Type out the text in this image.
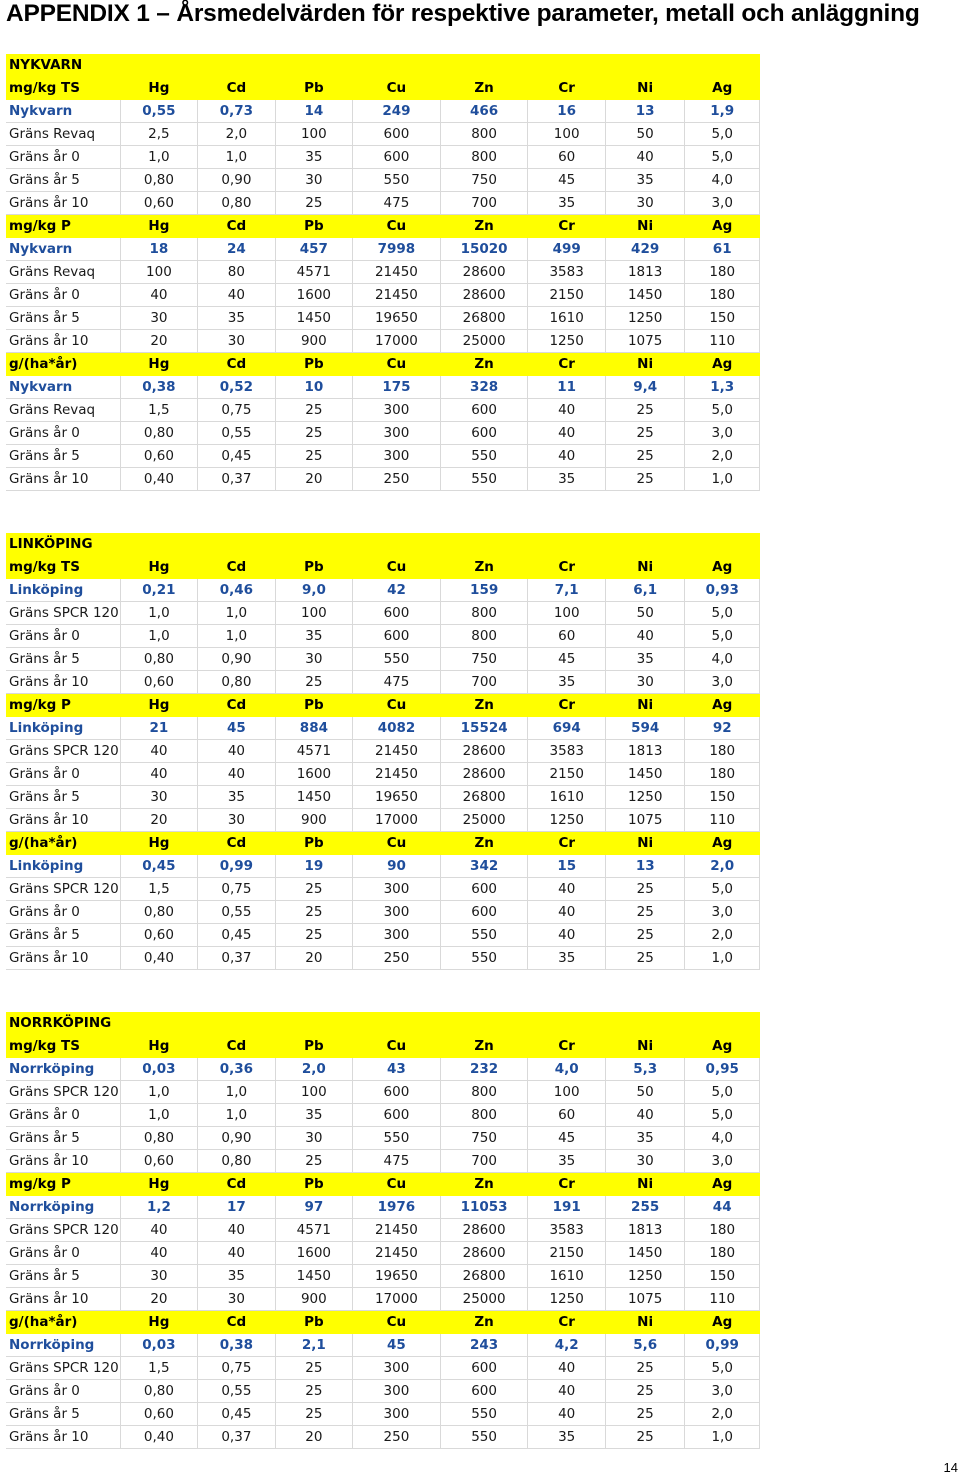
APPENDIX 1 – Årsmedelvärden för respektive parameter, metall och anläggning
NYKVARN								
mg/kg TS	Hg	Cd	Pb	Cu	Zn	Cr	Ni	Ag
Nykvarn	0,55	0,73	14	249	466	16	13	1,9
Gräns Revaq	2,5	2,0	100	600	800	100	50	5,0
Gräns år 0	1,0	1,0	35	600	800	60	40	5,0
Gräns år 5	0,80	0,90	30	550	750	45	35	4,0
Gräns år 10	0,60	0,80	25	475	700	35	30	3,0
mg/kg P	Hg	Cd	Pb	Cu	Zn	Cr	Ni	Ag
Nykvarn	18	24	457	7998	15020	499	429	61
Gräns Revaq	100	80	4571	21450	28600	3583	1813	180
Gräns år 0	40	40	1600	21450	28600	2150	1450	180
Gräns år 5	30	35	1450	19650	26800	1610	1250	150
Gräns år 10	20	30	900	17000	25000	1250	1075	110
g/(ha*år)	Hg	Cd	Pb	Cu	Zn	Cr	Ni	Ag
Nykvarn	0,38	0,52	10	175	328	11	9,4	1,3
Gräns Revaq	1,5	0,75	25	300	600	40	25	5,0
Gräns år 0	0,80	0,55	25	300	600	40	25	3,0
Gräns år 5	0,60	0,45	25	300	550	40	25	2,0
Gräns år 10	0,40	0,37	20	250	550	35	25	1,0
LINKÖPING								
mg/kg TS	Hg	Cd	Pb	Cu	Zn	Cr	Ni	Ag
Linköping	0,21	0,46	9,0	42	159	7,1	6,1	0,93
Gräns SPCR 120	1,0	1,0	100	600	800	100	50	5,0
Gräns år 0	1,0	1,0	35	600	800	60	40	5,0
Gräns år 5	0,80	0,90	30	550	750	45	35	4,0
Gräns år 10	0,60	0,80	25	475	700	35	30	3,0
mg/kg P	Hg	Cd	Pb	Cu	Zn	Cr	Ni	Ag
Linköping	21	45	884	4082	15524	694	594	92
Gräns SPCR 120	40	40	4571	21450	28600	3583	1813	180
Gräns år 0	40	40	1600	21450	28600	2150	1450	180
Gräns år 5	30	35	1450	19650	26800	1610	1250	150
Gräns år 10	20	30	900	17000	25000	1250	1075	110
g/(ha*år)	Hg	Cd	Pb	Cu	Zn	Cr	Ni	Ag
Linköping	0,45	0,99	19	90	342	15	13	2,0
Gräns SPCR 120	1,5	0,75	25	300	600	40	25	5,0
Gräns år 0	0,80	0,55	25	300	600	40	25	3,0
Gräns år 5	0,60	0,45	25	300	550	40	25	2,0
Gräns år 10	0,40	0,37	20	250	550	35	25	1,0
NORRKÖPING								
mg/kg TS	Hg	Cd	Pb	Cu	Zn	Cr	Ni	Ag
Norrköping	0,03	0,36	2,0	43	232	4,0	5,3	0,95
Gräns SPCR 120	1,0	1,0	100	600	800	100	50	5,0
Gräns år 0	1,0	1,0	35	600	800	60	40	5,0
Gräns år 5	0,80	0,90	30	550	750	45	35	4,0
Gräns år 10	0,60	0,80	25	475	700	35	30	3,0
mg/kg P	Hg	Cd	Pb	Cu	Zn	Cr	Ni	Ag
Norrköping	1,2	17	97	1976	11053	191	255	44
Gräns SPCR 120	40	40	4571	21450	28600	3583	1813	180
Gräns år 0	40	40	1600	21450	28600	2150	1450	180
Gräns år 5	30	35	1450	19650	26800	1610	1250	150
Gräns år 10	20	30	900	17000	25000	1250	1075	110
g/(ha*år)	Hg	Cd	Pb	Cu	Zn	Cr	Ni	Ag
Norrköping	0,03	0,38	2,1	45	243	4,2	5,6	0,99
Gräns SPCR 120	1,5	0,75	25	300	600	40	25	5,0
Gräns år 0	0,80	0,55	25	300	600	40	25	3,0
Gräns år 5	0,60	0,45	25	300	550	40	25	2,0
Gräns år 10	0,40	0,37	20	250	550	35	25	1,0
14
